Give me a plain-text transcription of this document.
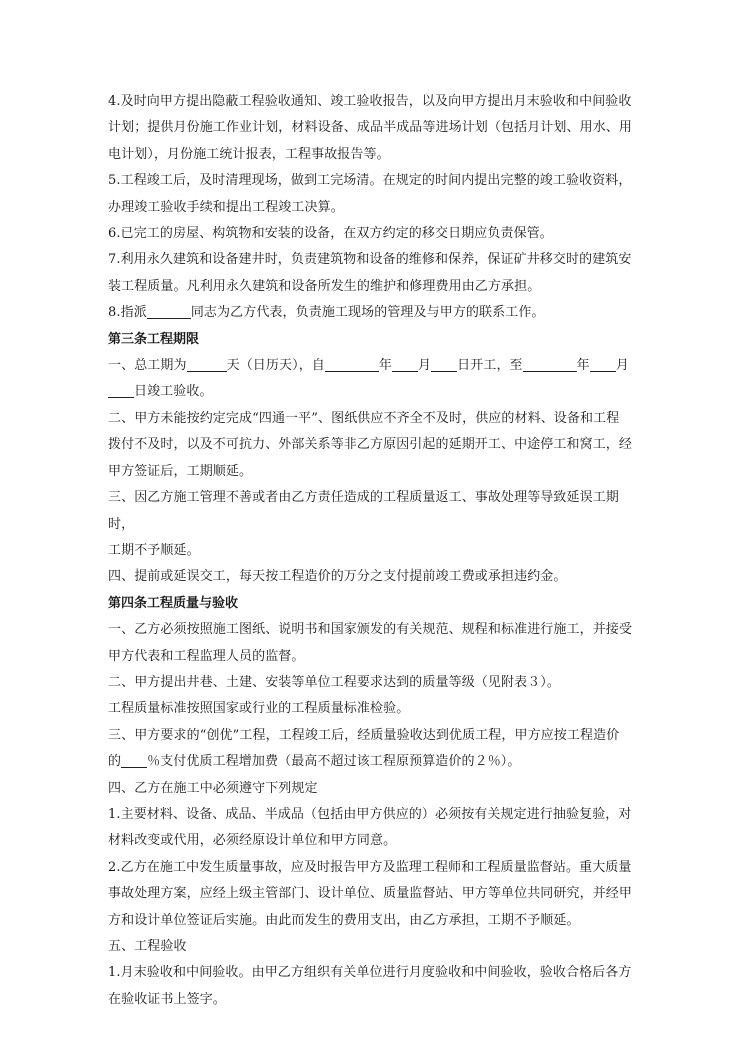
4.及时向甲方提出隐蔽工程验收通知、竣工验收报告，以及向甲方提出月末验收和中间验收

计划；提供月份施工作业计划，材料设备、成品半成品等进场计划（包括月计划、用水、用

电计划），月份施工统计报表，工程事故报告等。

5.工程竣工后，及时清理现场，做到工完场清。在规定的时间内提出完整的竣工验收资料，

办理竣工验收手续和提出工程竣工决算。

6.已完工的房屋、构筑物和安装的设备，在双方约定的移交日期应负责保管。

7.利用永久建筑和设备建井时，负责建筑物和设备的维修和保养，保证矿井移交时的建筑安

装工程质量。凡利用永久建筑和设备所发生的维护和修理费用由乙方承担。

8.指派	同志为乙方代表，负责施工现场的管理及与甲方的联系工作。

第三条工程期限

一、总工期为	天（日历天），自	年 月 日开工，至	年 月

日竣工验收。

二、甲方未能按约定完成“四通一平”、图纸供应不齐全不及时，供应的材料、设备和工程

拨付不及时，以及不可抗力、外部关系等非乙方原因引起的延期开工、中途停工和窝工，经

甲方签证后，工期顺延。

三、因乙方施工管理不善或者由乙方责任造成的工程质量返工、事故处理等导致延误工期时，

工期不予顺延。

四、提前或延误交工，每天按工程造价的万分之支付提前竣工费或承担违约金。

第四条工程质量与验收

一、乙方必须按照施工图纸、说明书和国家颁发的有关规范、规程和标准进行施工，并接受

甲方代表和工程监理人员的监督。

二、甲方提出井巷、土建、安装等单位工程要求达到的质量等级（见附表３）。

工程质量标准按照国家或行业的工程质量标准检验。

三、甲方要求的“创优”工程，工程竣工后，经质量验收达到优质工程，甲方应按工程造价

的 ％支付优质工程增加费（最高不超过该工程原预算造价的２％）。

四、乙方在施工中必须遵守下列规定

1.主要材料、设备、成品、半成品（包括由甲方供应的）必须按有关规定进行抽验复验，对

材料改变或代用，必须经原设计单位和甲方同意。

2.乙方在施工中发生质量事故，应及时报告甲方及监理工程师和工程质量监督站。重大质量

事故处理方案，应经上级主管部门、设计单位、质量监督站、甲方等单位共同研究，并经甲

方和设计单位签证后实施。由此而发生的费用支出，由乙方承担，工期不予顺延。

五、工程验收

1.月末验收和中间验收。由甲乙方组织有关单位进行月度验收和中间验收，验收合格后各方

在验收证书上签字。
